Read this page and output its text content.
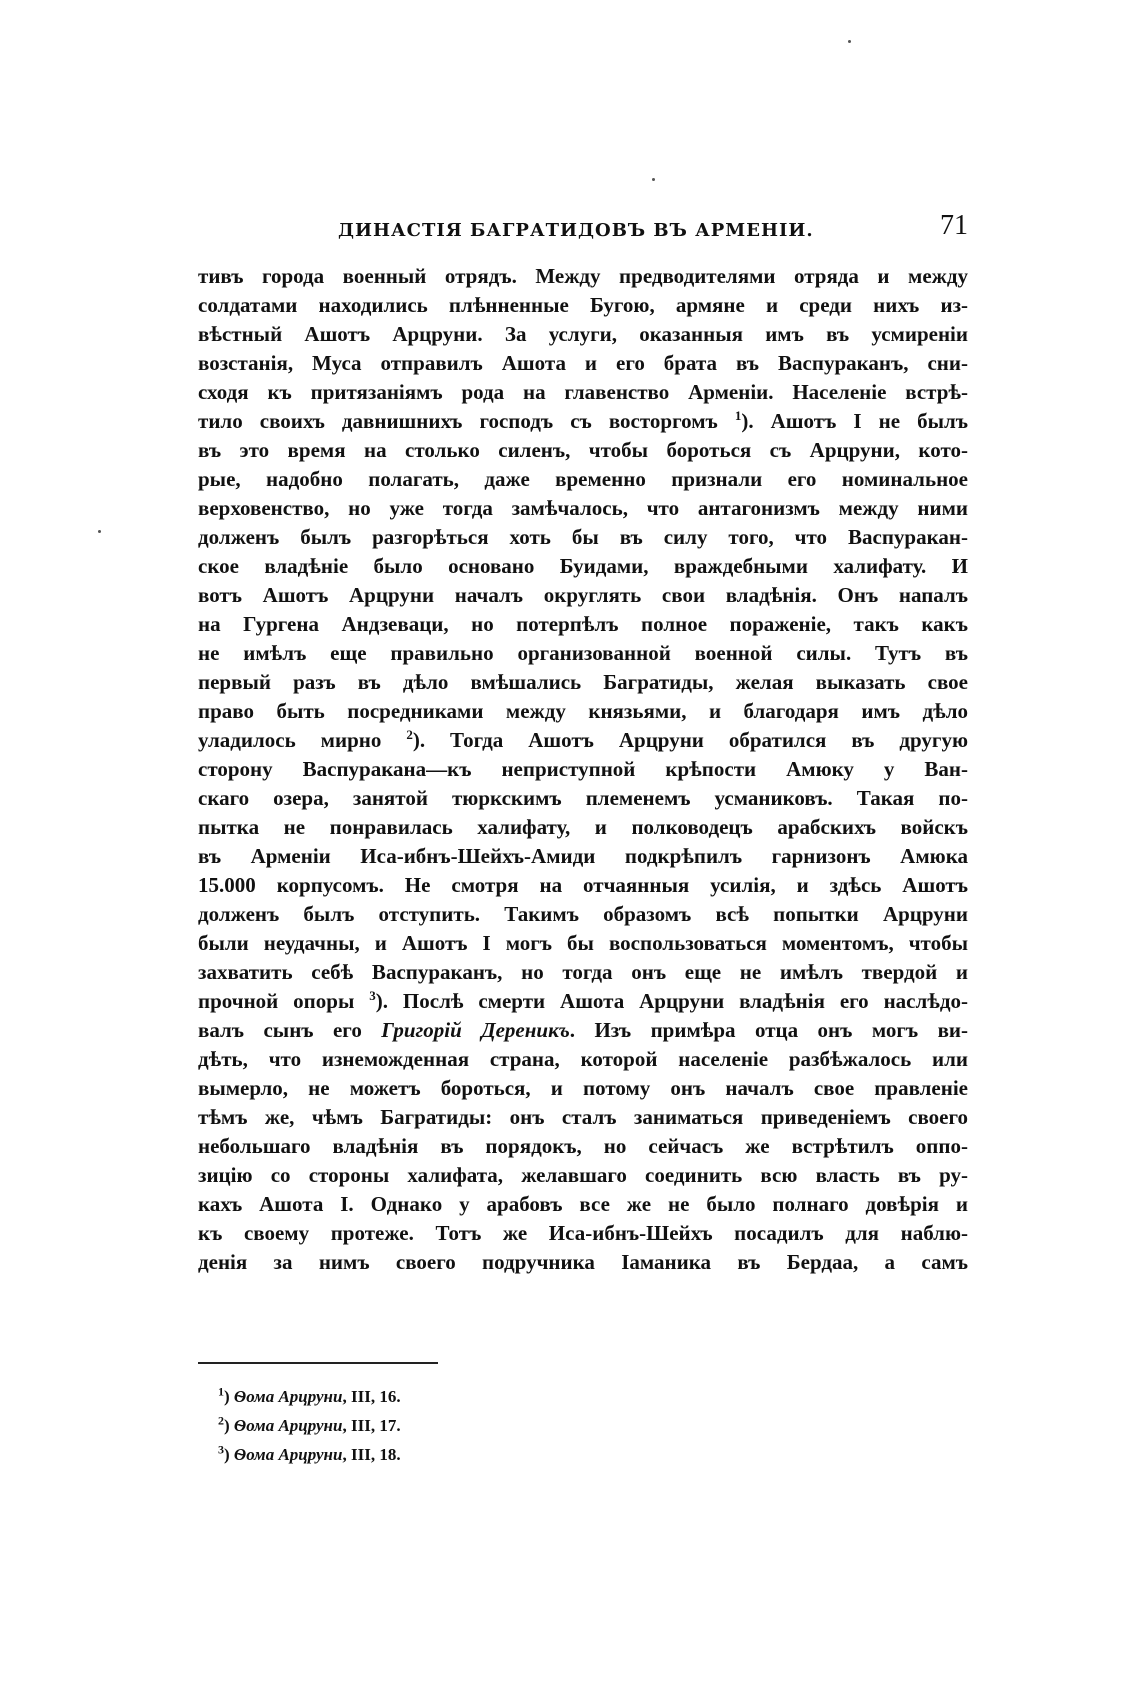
ДИНАСТІЯ БАГРАТИДОВЪ ВЪ АРМЕНІИ.	71
тивъ города военный отрядъ. Между предводителями отряда и между
солдатами находились плѣнненные Бугою, армяне и среди нихъ из-
вѣстный Ашотъ Арцруни. За услуги, оказанныя имъ въ усмиреніи
возстанія, Муса отправилъ Ашота и его брата въ Васпураканъ, сни-
сходя къ притязаніямъ рода на главенство Арменіи. Населеніе встрѣ-
тило своихъ давнишнихъ господъ съ восторгомъ $^1$). Ашотъ I не былъ
въ это время на столько силенъ, чтобы бороться съ Арцруни, кото-
рые, надобно полагать, даже временно признали его номинальное
верховенство, но уже тогда замѣчалось, что антагонизмъ между ними
долженъ былъ разгорѣться хоть бы въ силу того, что Васпуракан-
ское владѣніе было основано Буидами, враждебными халифату. И
вотъ Ашотъ Арцруни началъ округлять свои владѣнія. Онъ напалъ
на Гургена Андзеваци, но потерпѣлъ полное пораженіе, такъ какъ
не имѣлъ еще правильно организованной военной силы. Тутъ въ
первый разъ въ дѣло вмѣшались Багратиды, желая выказать свое
право быть посредниками между князьями, и благодаря имъ дѣло
уладилось мирно $^2$). Тогда Ашотъ Арцруни обратился въ другую
сторону Васпуракана—къ неприступной крѣпости Амюку у Ван-
скаго озера, занятой тюркскимъ племенемъ усманиковъ. Такая по-
пытка не понравилась халифату, и полководецъ арабскихъ войскъ
въ Арменіи Иса-ибнъ-Шейхъ-Амиди подкрѣпилъ гарнизонъ Амюка
15.000 корпусомъ. Не смотря на отчаянныя усилія, и здѣсь Ашотъ
долженъ былъ отступить. Такимъ образомъ всѣ попытки Арцруни
были неудачны, и Ашотъ I могъ бы воспользоваться моментомъ, чтобы
захватить себѣ Васпураканъ, но тогда онъ еще не имѣлъ твердой и
прочной опоры $^3$). Послѣ смерти Ашота Арцруни владѣнія его наслѣдо-
валъ сынъ его Григорій Дереникъ. Изъ примѣра отца онъ могъ ви-
дѣть, что изнеможденная страна, которой населеніе разбѣжалось или
вымерло, не можетъ бороться, и потому онъ началъ свое правленіе
тѣмъ же, чѣмъ Багратиды: онъ сталъ заниматься приведеніемъ своего
небольшаго владѣнія въ порядокъ, но сейчасъ же встрѣтилъ оппо-
зицію со стороны халифата, желавшаго соединить всю власть въ ру-
кахъ Ашота I. Однако у арабовъ все же не было полнаго довѣрія и
къ своему протеже. Тотъ же Иса-ибнъ-Шейхъ посадилъ для наблю-
денія за нимъ своего подручника Іаманика въ Бердаа, а самъ
$^1$) Ѳома Арцруни, III, 16.
$^2$) Ѳома Арцруни, III, 17.
$^3$) Ѳома Арцруни, III, 18.
